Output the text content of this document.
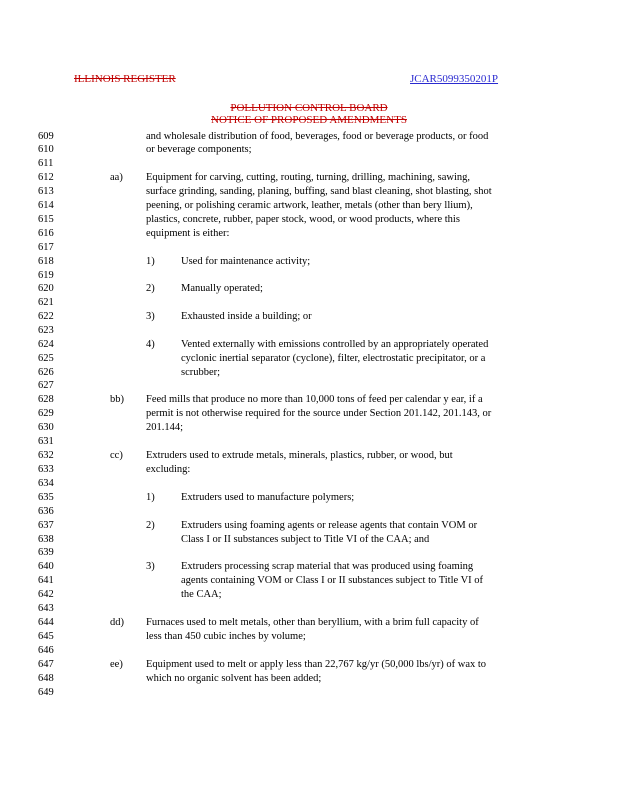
ILLINOIS REGISTER	JCAR5099350201P
POLLUTION CONTROL BOARD
NOTICE OF PROPOSED AMENDMENTS
609
610
611
612
613
614
615
616
617
618
619
620
621
622
623
624
625
626
627
628
629
630
631
632
633
634
635
636
637
638
639
640
641
642
643
644
645
646
647
648
649
aa)
1)
2)
3)
4)
bb)
cc)
1)
2)
3)
dd)
ee)
and wholesale distribution of food, beverages, food or beverage products, or food
or beverage components;
Equipment for carving, cutting, routing, turning, drilling, machining, sawing,
surface grinding, sanding, planing, buffing, sand blast cleaning, shot blasting, shot
peening, or polishing ceramic artwork, leather, metals (other than bery llium),
plastics, concrete, rubber, paper stock, wood, or wood products, where this
equipment is either:
Used for maintenance activity;
Manually operated;
Exhausted inside a building; or
Vented externally with emissions controlled by an appropriately operated
cyclonic inertial separator (cyclone), filter, electrostatic precipitator, or a
scrubber;
Feed mills that produce no more than 10,000 tons of feed per calendar y ear, if a
permit is not otherwise required for the source under Section 201.142, 201.143, or
201.144;
Extruders used to extrude metals, minerals, plastics, rubber, or wood, but
excluding:
Extruders used to manufacture polymers;
Extruders using foaming agents or release agents that contain VOM or
Class I or II substances subject to Title VI of the CAA; and
Extruders processing scrap material that was produced using foaming
agents containing VOM or Class I or II substances subject to Title VI of
the CAA;
Furnaces used to melt metals, other than beryllium, with a brim full capacity of
less than 450 cubic inches by volume;
Equipment used to melt or apply less than 22,767 kg/yr (50,000 lbs/yr) of wax to
which no organic solvent has been added;
